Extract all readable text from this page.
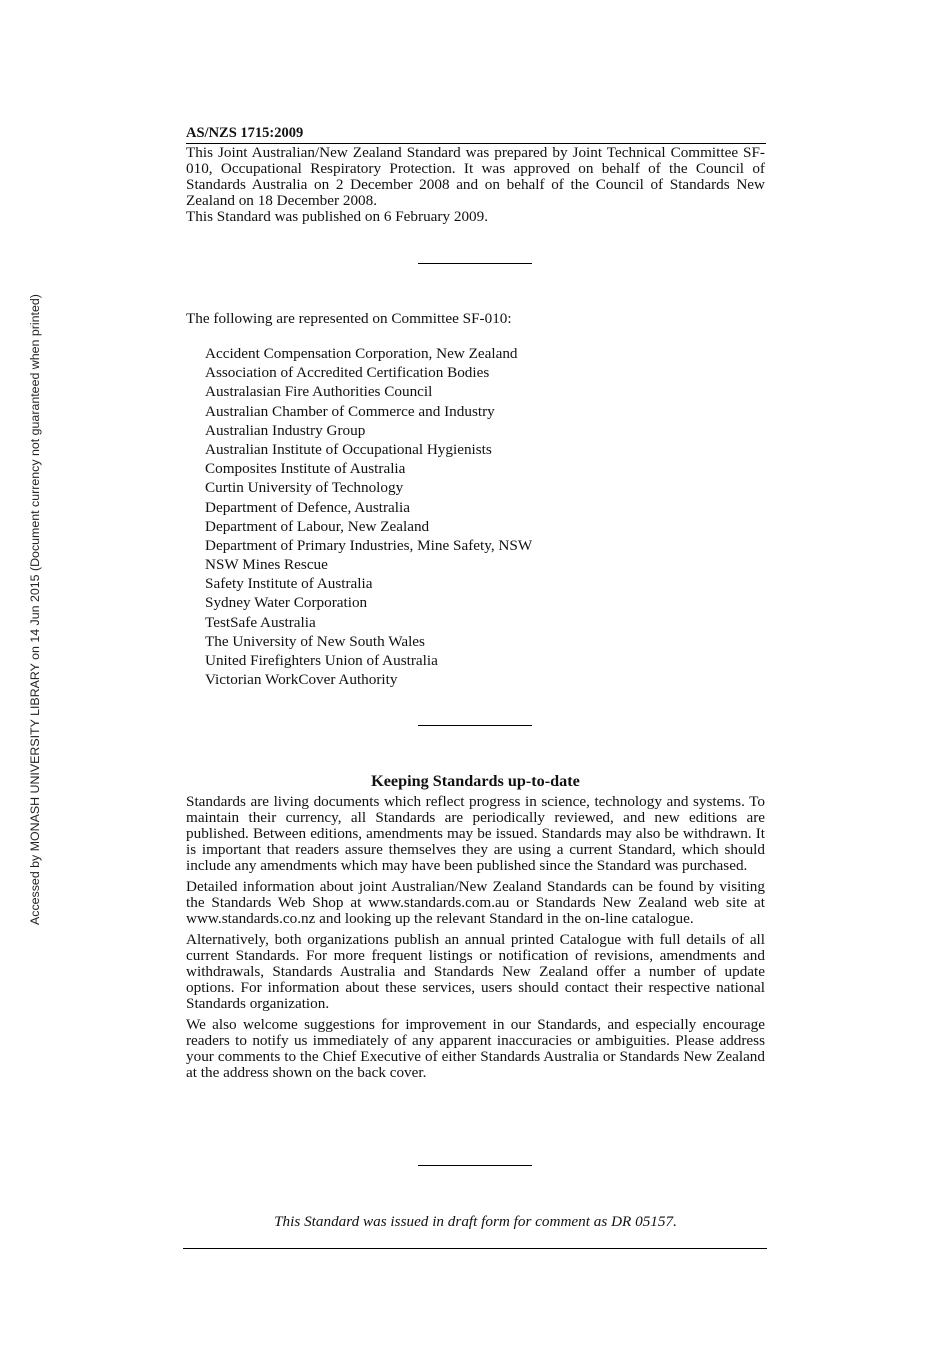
Accessed by MONASH UNIVERSITY LIBRARY on 14 Jun 2015 (Document currency not guaranteed when printed)
AS/NZS 1715:2009

This Joint Australian/New Zealand Standard was prepared by Joint Technical Committee SF-010, Occupational Respiratory Protection. It was approved on behalf of the Council of Standards Australia on 2 December 2008 and on behalf of the Council of Standards New Zealand on 18 December 2008.

This Standard was published on 6 February 2009.

The following are represented on Committee SF-010:
Accident Compensation Corporation, New Zealand
Association of Accredited Certification Bodies
Australasian Fire Authorities Council
Australian Chamber of Commerce and Industry
Australian Industry Group
Australian Institute of Occupational Hygienists
Composites Institute of Australia
Curtin University of Technology
Department of Defence, Australia
Department of Labour, New Zealand
Department of Primary Industries, Mine Safety, NSW
NSW Mines Rescue
Safety Institute of Australia
Sydney Water Corporation
TestSafe Australia
The University of New South Wales
United Firefighters Union of Australia
Victorian WorkCover Authority
Keeping Standards up-to-date

Standards are living documents which reflect progress in science, technology and systems. To maintain their currency, all Standards are periodically reviewed, and new editions are published. Between editions, amendments may be issued. Standards may also be withdrawn. It is important that readers assure themselves they are using a current Standard, which should include any amendments which may have been published since the Standard was purchased.

Detailed information about joint Australian/New Zealand Standards can be found by visiting the Standards Web Shop at www.standards.com.au or Standards New Zealand web site at www.standards.co.nz and looking up the relevant Standard in the on-line catalogue.

Alternatively, both organizations publish an annual printed Catalogue with full details of all current Standards. For more frequent listings or notification of revisions, amendments and withdrawals, Standards Australia and Standards New Zealand offer a number of update options. For information about these services, users should contact their respective national Standards organization.

We also welcome suggestions for improvement in our Standards, and especially encourage readers to notify us immediately of any apparent inaccuracies or ambiguities. Please address your comments to the Chief Executive of either Standards Australia or Standards New Zealand at the address shown on the back cover.

This Standard was issued in draft form for comment as DR 05157.
